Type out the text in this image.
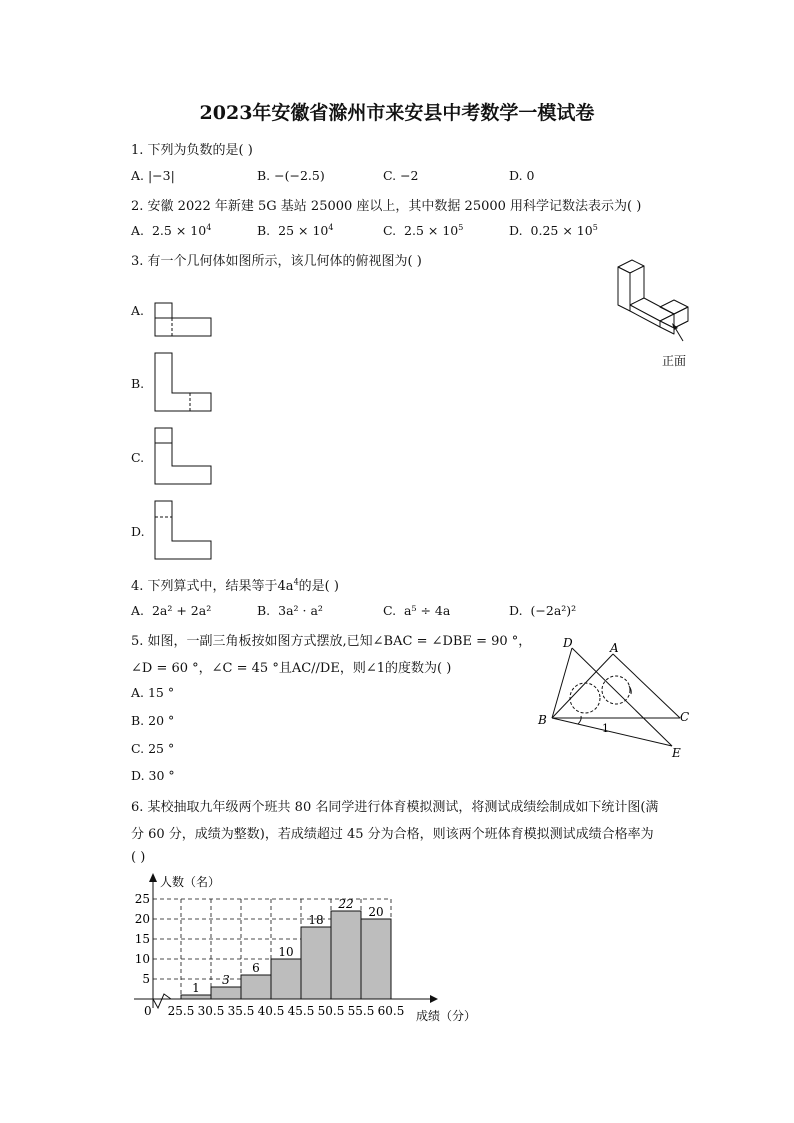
2023年安徽省滁州市来安县中考数学一模试卷
1. 下列为负数的是( )
A. |−3|	B. −(−2.5)	C. −2	D. 0
2. 安徽 2022 年新建 5G 基站 25000 座以上，其中数据 25000 用科学记数法表示为( )
A. $2.5 \times 10^4$	B. $25 \times 10^4$	C. $2.5 \times 10^5$	D. $0.25 \times 10^5$
3. 有一个几何体如图所示，该几何体的俯视图为( )
A.
B.
C.
D.
正面
4. 下列算式中，结果等于$4a^4$的是( )
A. 2a² + 2a²	B. 3a² · a²	C. a⁵ ÷ 4a	D. (−2a²)²
5. 如图，一副三角板按如图方式摆放,已知∠BAC = ∠DBE = 90 °，
∠D = 60 °，∠C = 45 °且AC//DE，则∠1的度数为( )
A. 15 °
B. 20 °
C. 25 °
D. 30 °
D	A
B	C
E
1
6. 某校抽取九年级两个班共 80 名同学进行体育模拟测试，将测试成绩绘制成如下统计图(满
分 60 分，成绩为整数)，若成绩超过 45 分为合格，则该两个班体育模拟测试成绩合格率为
( )
1
3
6
10
18
22
20
5
10
15
20
25
25.5 30.5 35.5 40.5 45.5 50.5 55.5 60.5
0
人数（名）
成绩（分）
